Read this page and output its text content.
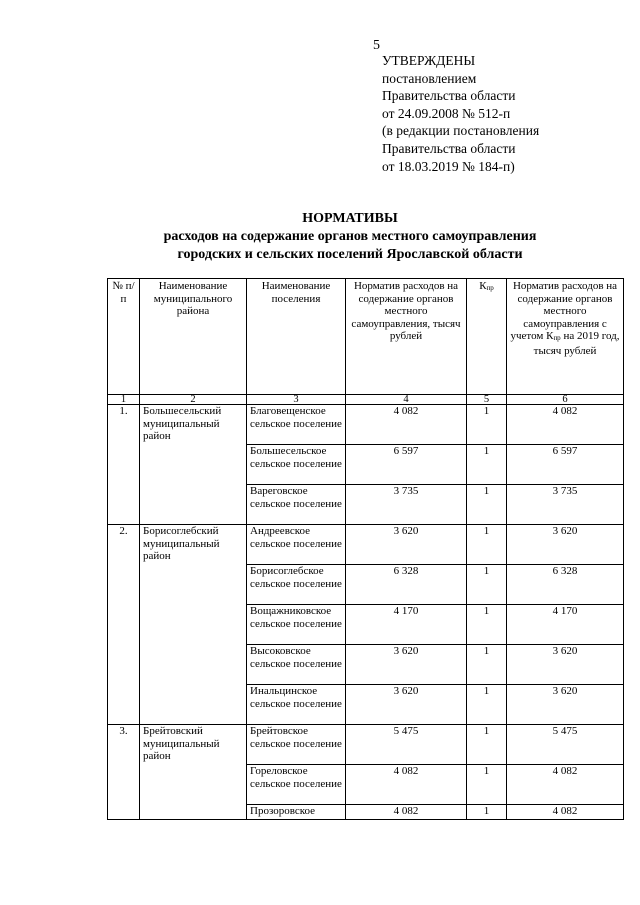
5
УТВЕРЖДЕНЫ
постановлением
Правительства области
от 24.09.2008 № 512-п
(в редакции постановления
Правительства области
от 18.03.2019 № 184-п)
НОРМАТИВЫ
расходов на содержание органов местного самоуправления
городских и сельских поселений Ярославской области
№ п/п	Наименование муниципального района	Наименование поселения	Норматив расходов на содержание органов местного самоуправления, тысяч рублей	$К_{пр}$	Норматив расходов на содержание органов местного самоуправления с учетом $К_{пр}$ на 2019 год, тысяч рублей
1	2	3	4	5	6
1.	Большесельский муниципальный район	Благовещенское сельское поселение	4 082	1	4 082
		Большесельское сельское поселение	6 597	1	6 597
		Вареговское сельское поселение	3 735	1	3 735
2.	Борисоглебский муниципальный район	Андреевское сельское поселение	3 620	1	3 620
		Борисоглебское сельское поселение	6 328	1	6 328
		Вощажниковское сельское поселение	4 170	1	4 170
		Высоковское сельское поселение	3 620	1	3 620
		Инальцинское сельское поселение	3 620	1	3 620
3.	Брейтовский муниципальный район	Брейтовское сельское поселение	5 475	1	5 475
		Гореловское сельское поселение	4 082	1	4 082
		Прозоровское	4 082	1	4 082
